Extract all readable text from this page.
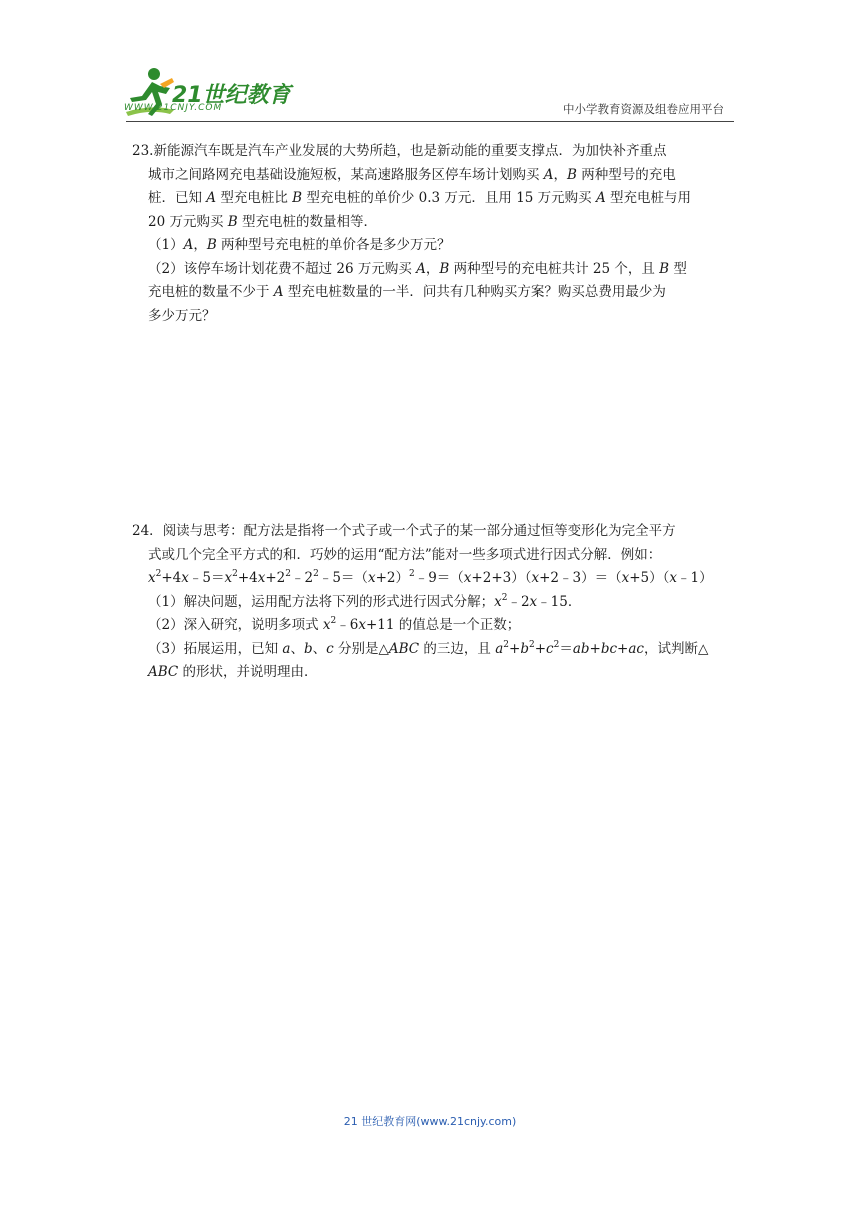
21世纪教育
WWW.21CNJY.COM	中小学教育资源及组卷应用平台

23.新能源汽车既是汽车产业发展的大势所趋，也是新动能的重要支撑点．为加快补齐重点

城市之间路网充电基础设施短板，某高速路服务区停车场计划购买 A，B 两种型号的充电

桩．已知 A 型充电桩比 B 型充电桩的单价少 0.3 万元．且用 15 万元购买 A 型充电桩与用

20 万元购买 B 型充电桩的数量相等．

（1）A，B 两种型号充电桩的单价各是多少万元？

（2）该停车场计划花费不超过 26 万元购买 A，B 两种型号的充电桩共计 25 个，且 B 型

充电桩的数量不少于 A 型充电桩数量的一半．问共有几种购买方案？购买总费用最少为

多少万元？

24．阅读与思考：配方法是指将一个式子或一个式子的某一部分通过恒等变形化为完全平方

式或几个完全平方式的和．巧妙的运用“配方法”能对一些多项式进行因式分解．例如：

$x^2+4x﹣5=x^2+4x+2^2﹣2^2﹣5=(x+2)^2﹣9=(x+2+3)(x+2﹣3)=(x+5)(x﹣1)$

（1）解决问题，运用配方法将下列的形式进行因式分解；$x^2﹣2x﹣15$．

（2）深入研究，说明多项式 $x^2﹣6x+11$ 的值总是一个正数；

（3）拓展运用，已知 a、b、c 分别是△ABC 的三边，且 $a^2+b^2+c^2=ab+bc+ac$，试判断△

ABC 的形状，并说明理由．

21 世纪教育网(www.21cnjy.com)
